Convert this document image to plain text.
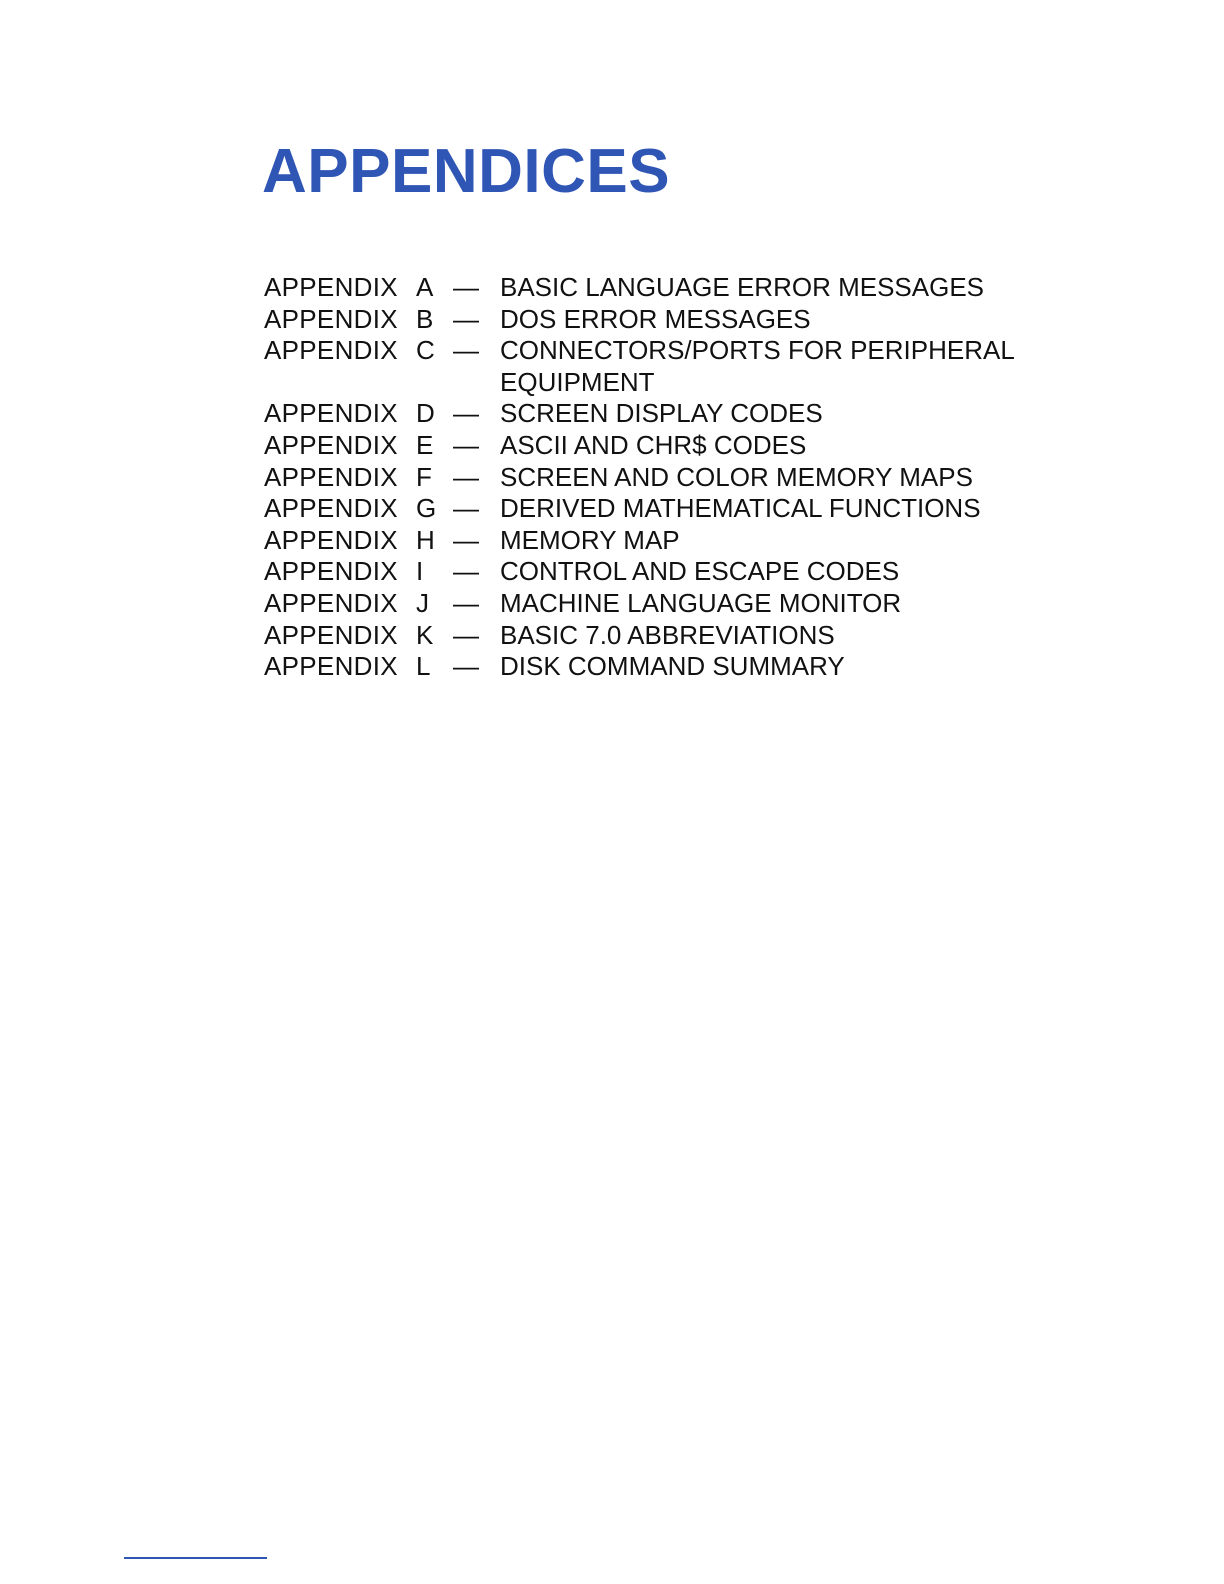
APPENDICES
APPENDIX A — BASIC LANGUAGE ERROR MESSAGES
APPENDIX B — DOS ERROR MESSAGES
APPENDIX C — CONNECTORS/PORTS FOR PERIPHERAL EQUIPMENT
APPENDIX D — SCREEN DISPLAY CODES
APPENDIX E — ASCII AND CHR$ CODES
APPENDIX F — SCREEN AND COLOR MEMORY MAPS
APPENDIX G — DERIVED MATHEMATICAL FUNCTIONS
APPENDIX H — MEMORY MAP
APPENDIX I — CONTROL AND ESCAPE CODES
APPENDIX J — MACHINE LANGUAGE MONITOR
APPENDIX K — BASIC 7.0 ABBREVIATIONS
APPENDIX L — DISK COMMAND SUMMARY
